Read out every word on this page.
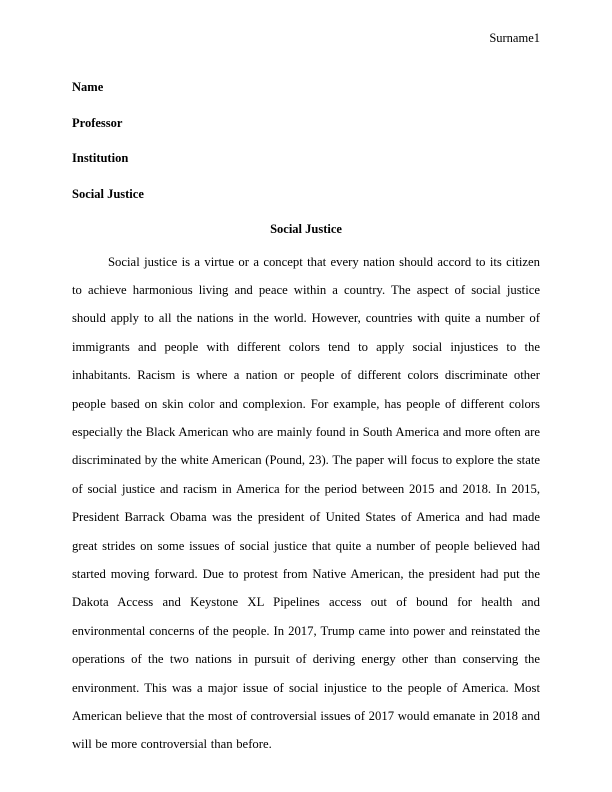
Surname1
Name
Professor
Institution
Social Justice
Social Justice

Social justice is a virtue or a concept that every nation should accord to its citizen to achieve harmonious living and peace within a country. The aspect of social justice should apply to all the nations in the world. However, countries with quite a number of immigrants and people with different colors tend to apply social injustices to the inhabitants. Racism is where a nation or people of different colors discriminate other people based on skin color and complexion. For example, has people of different colors especially the Black American who are mainly found in South America and more often are discriminated by the white American (Pound, 23). The paper will focus to explore the state of social justice and racism in America for the period between 2015 and 2018. In 2015, President Barrack Obama was the president of United States of America and had made great strides on some issues of social justice that quite a number of people believed had started moving forward. Due to protest from Native American, the president had put the Dakota Access and Keystone XL Pipelines access out of bound for health and environmental concerns of the people. In 2017, Trump came into power and reinstated the operations of the two nations in pursuit of deriving energy other than conserving the environment. This was a major issue of social injustice to the people of America. Most American believe that the most of controversial issues of 2017 would emanate in 2018 and will be more controversial than before.
